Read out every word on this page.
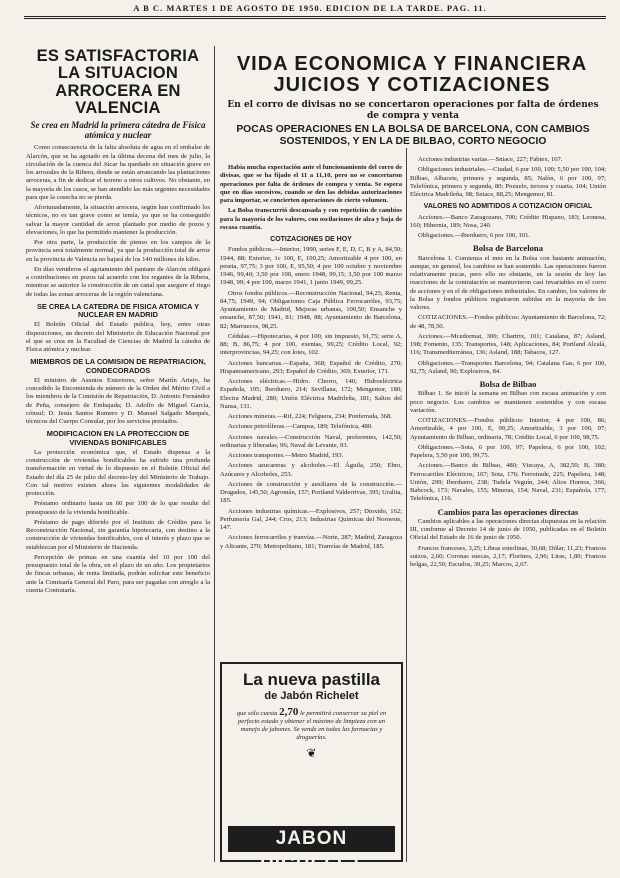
A B C. MARTES 1 DE AGOSTO DE 1950. EDICION DE LA TARDE. PAG. 11.
ES SATISFACTORIA LA SITUACION ARROCERA EN VALENCIA
Se crea en Madrid la primera cátedra de Física atómica y nuclear

Como consecuencia de la falta absoluta de agua en el embalse de Alarcón, que se ha agotado en la última decena del mes de julio, la circulación de la cuenca del Júcar ha quedado en situación grave en los arrozales de la Ribera, donde se están arrancando las plantaciones arroceras, a fin de dedicar el terreno a otros cultivos. No obstante, en la mayoría de los casos, se han atendido las más urgentes necesidades para que la cosecha no se pierda.

Afortunadamente, la situación arrocera, según han confirmado los técnicos, no es tan grave como se temía, ya que se ha conseguido salvar la mayor cantidad de arroz plantado por medio de pozos y elevaciones, lo que ha permitido mantener la producción.

Por otra parte, la producción de pienso en los campos de la provincia será totalmente normal, ya que la producción total de arroz en la provincia de Valencia no bajará de los 140 millones de kilos.

En días venideros el agotamiento del pantano de Alarcón obligará a contribuciones en pozos tal acuerdo con los regantes de la Ribera, mientras se autorice la construcción de un canal que asegure el riego de todas las zonas arroceras de la región valenciana.

SE CREA LA CATEDRA DE FISICA ATOMICA Y NUCLEAR EN MADRID

El Boletín Oficial del Estado publica, hoy, entre otras disposiciones, un decreto del Ministerio de Educación Nacional por el que se crea en la Facultad de Ciencias de Madrid la cátedra de Física atómica y nuclear.

MIEMBROS DE LA COMISION DE REPATRIACION, CONDECORADOS

El ministro de Asuntos Exteriores, señor Martín Artajo, ha concedido la Encomienda de número de la Orden del Mérito Civil a los miembros de la Comisión de Repatriación, D. Antonio Fernández de Peña, consejero de Embajada; D. Adolfo de Miguel García, cónsul; D. Jesús Santos Romero y D. Manuel Salgado Marqués, técnicos del Cuerpo Consular, por los servicios prestados.

MODIFICACION EN LA PROTECCION DE VIVIENDAS BONIFICABLES

La protección económica que, el Estado dispensa a la construcción de viviendas bonificables ha sufrido una profunda transformación en virtud de lo dispuesto en el Boletín Oficial del Estado del día 25 de julio del decreto-ley del Ministerio de Trabajo. Con tal motivo existen ahora las siguientes modalidades de protección.

Préstamo ordinario hasta un 60 por 100 de lo que resulte del presupuesto de la vivienda bonificable.

Préstamo de pago diferido por el Instituto de Crédito para la Reconstrucción Nacional, sin garantía hipotecaria, con destino a la construcción de viviendas bonificables, con el interés y plazo que se establezcan por el Ministerio de Hacienda.

Percepción de primas en una cuantía del 10 por 100 del presupuesto total de la obra, en el plazo de un año. Los propietarios de fincas urbanas, de renta limitada, podrán solicitar este beneficio ante la Comisaría General del Paro, para ser pagadas con arreglo a la cuenta Contrataría.

VIDA ECONOMICA Y FINANCIERA JUICIOS Y COTIZACIONES
En el corro de divisas no se concertaron operaciones por falta de órdenes de compra y venta
POCAS OPERACIONES EN LA BOLSA DE BARCELONA, CON CAMBIOS SOSTENIDOS, Y EN LA DE BILBAO, CORTO NEGOCIO

Había mucha expectación ante el funcionamiento del corro de divisas, que se ha fijado el 11 a 11,10, pero no se concertaron operaciones por falta de órdenes de compra y venta. Se espera que en días sucesivos, cuando se den las debidas autorizaciones para importar, se concierten operaciones de cierto volumen.

La Bolsa transcurrió descansada y con repetición de cambios para la mayoría de los valores, con oscilaciones de alza y baja de escasa cuantía.

COTIZACIONES DE HOY

Fondos públicos.—Interior, 1900, series F, E, D, C, B y A, 84,50; 1944, 88; Exterior, 1c 100, E, 100,25; Amortizable 4 por 100, en peseta, 97,75; 3 por 100, E, 95,50; 4 por 100 octubre y noviembre 1946, 99,40; 3,50 por 100, enero 1948, 99,15; 3,50 por 100 marzo 1948, 99; 4 por 100, marzo 1941, 1 junio 1949, 99,25.

Otros fondos públicos.—Reconstrucción Nacional, 94,25; Renta, 84,75; 1949, 94; Obligaciones Caja Pública Ferrocarriles, 93,75; Ayuntamiento de Madrid, Mejoras urbanas, 100,50; Ensanche y ensanche, 87,50; 1941, 81; 1948, 88; Ayuntamiento de Barcelona, 82; Marruecos, 98,25.

Cédulas.—Hipotecarias, 4 por 100, sin impuesto, 91,75; serie A, 88; B, 86,75; 4 por 100, exentas, 99,25; Crédito Local, 92; interprovincias, 94,25; con lotes, 102.

Acciones bancarias.—España, 368; Español de Crédito, 270; Hispanoamericano, 293; Español de Crédito, 369; Exterior, 171.

Acciones eléctricas.—Hidro. Chorro, 140; Hidroeléctrica Española, 195; Iberduero, 214; Sevillana, 172; Mengemor, 180; Electra Madrid, 280; Unión Eléctrica Madrileña, 181; Saltos del Nansa, 131.

Acciones mineras.—Rif, 224; Felguera, 234; Ponferrada, 368.

Acciones petrolíferas.—Campsa, 189; Telefónica, 480.

Acciones navales.—Construcción Naval, preferentes, 142,50; ordinarias y liberadas, 96; Naval de Levante, 93.

Acciones transportes.—Metro Madrid, 193.

Acciones azucareras y alcoholes.—El Águila, 250; Ebro, Azúcares y Alcoholes, 253.

Acciones de construcción y auxiliares de la construcción.—Dragados, 145,50; Agromán, 157; Portland Valderrivas, 395; Uralita, 185.

Acciones industrias químicas.—Explosivos, 257; Dioxido, 162; Perfumería Gal, 244; Cros, 213; Industrias Químicas del Noroeste, 147.

Acciones ferrocarriles y tranvías.—Norte, 287; Madrid, Zaragoza y Alicante, 270; Metropolitano, 181; Tranvías de Madrid, 185.

La nueva pastilla
de Jabón Richelet
que sólo cuesta 2,70 le permitirá conservar su piel en perfecto estado y obtener el máximo de limpieza con un manejo de jabones. Se vende en todas las farmacias y droguerías.
❦
JABON RICHELET

Acciones industrias varias.—Sniace, 227; Fabtex, 167.

Obligaciones industriales.—Ciudad, 6 por 100, 100; 5,50 por 100, 104; Bilbao, Albacete, primera y segunda, 85; Nalón, 6 por 100, 97; Telefónica, primera y segunda, 80; Pozuelo, tercera y cuarta, 104; Unión Eléctrica Madrileña, 98; Sniace, 88,25; Mengemor, 81.

VALORES NO ADMITIDOS A COTIZACION OFICIAL

Acciones.—Banco Zaragozano, 700; Crédito Hispano, 183; Leonesa, 160; Hibernia, 189; Nosa, 240.

Obligaciones.—Iberduero, 6 por 100, 101.

Bolsa de Barcelona

Barcelona 1. Comienza el mes en la Bolsa con bastante animación, aunque, en general, los cambios se han sostenido. Las operaciones fueron relativamente pocas, pero ello no obstante, en la sesión de hoy las reacciones de la contratación se mantuvieron casi invariables en el corro de acciones y en el de obligaciones industriales. En cambio, los valores de la Bolsa y fondos públicos registraron subidas en la mayoría de los valores.

COTIZACIONES.—Fondos públicos: Ayuntamiento de Barcelona, 72; de 48, 78,50.

Acciones.—Mcedormat, 300; Chartrix, 101; Catalana, 87; Asland, 198; Fomento, 135; Transportes, 148; Aplicaciones, 84; Portland Alcalá, 116; Transmediterránea, 136; Asland, 188; Tabacos, 127.

Obligaciones.—Transportes Barcelona, 94; Catalana Gas, 6 por 100, 92,75; Asland, 90; Explosivos, 84.

Bolsa de Bilbao

Bilbao 1. Se inició la semana en Bilbao con escasa animación y con poco negocio. Los cambios se mantienen sostenidos y con escasa variación.

COTIZACIONES.—Fondos públicos: Interior, 4 por 100, 86; Amortizable, 4 por 100, E, 99,25; Amortizable, 3 por 100, 97; Ayuntamiento de Bilbao, ordinaria, 78; Crédito Local, 6 por 100, 98,75.

Obligaciones.—Sota, 6 por 100, 97; Papelera, 6 por 100, 102; Papelera, 5,50 por 100, 99,75.

Acciones.—Banco de Bilbao, 480; Vizcaya, A, 382,50; B, 380; Ferrocarriles Eléctricos, 107; Sota, 176; Ferrotrade, 225; Papelera, 148; Unión, 299; Iberduero, 238; Tudela Veguín, 244; Altos Hornos, 366; Babcock, 173; Navales, 155; Mineras, 154; Naval, 231; Española, 177; Telefónica, 116.

Cambios para las operaciones directas

Cambios aplicables a las operaciones directas dispuestas en la relación III, conforme al Decreto 14 de junio de 1950, publicadas en el Boletín Oficial del Estado de 16 de junio de 1950.

Francos franceses, 3,25; Libras esterlinas, 30,68; Dólar, 11,23; Francos suizos, 2,60; Coronas suecas, 2,17; Florines, 2,96; Liras, 1,80; Francos belgas, 22,50; Escudos, 39,25; Marcos, 2,67.
